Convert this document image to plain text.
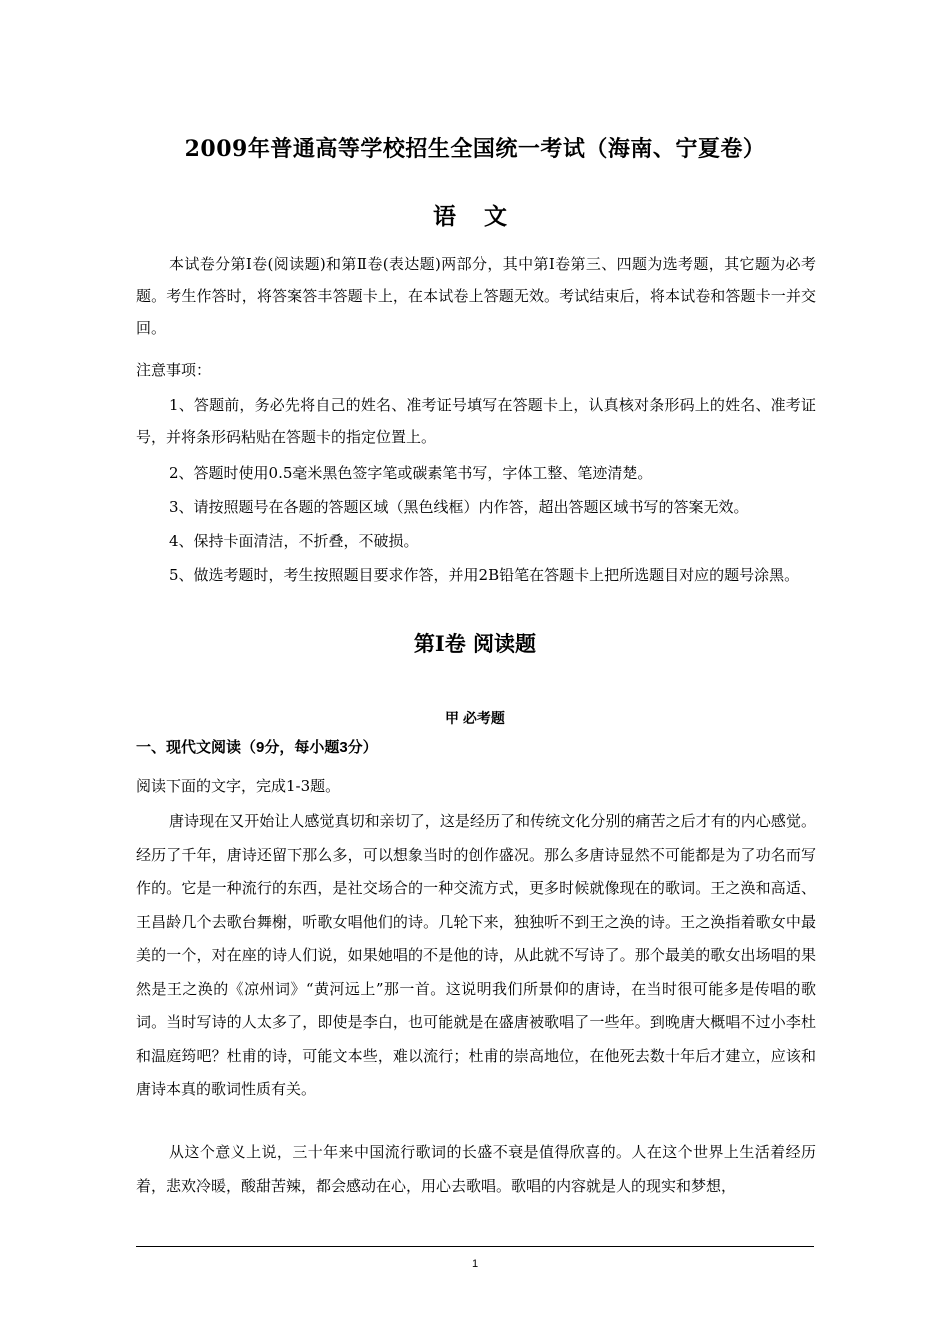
2009年普通高等学校招生全国统一考试（海南、宁夏卷）
语 文
本试卷分第Ⅰ卷(阅读题)和第Ⅱ卷(表达题)两部分，其中第Ⅰ卷第三、四题为选考题，其它题为必考题。考生作答时，将答案答丰答题卡上，在本试卷上答题无效。考试结束后，将本试卷和答题卡一并交回。
注意事项：
1、答题前，务必先将自己的姓名、准考证号填写在答题卡上，认真核对条形码上的姓名、准考证号，并将条形码粘贴在答题卡的指定位置上。
2、答题时使用0.5毫米黑色签字笔或碳素笔书写，字体工整、笔迹清楚。
3、请按照题号在各题的答题区域（黑色线框）内作答，超出答题区域书写的答案无效。
4、保持卡面清洁，不折叠，不破损。
5、做选考题时，考生按照题目要求作答，并用2B铅笔在答题卡上把所选题目对应的题号涂黑。
第Ⅰ卷 阅读题
甲 必考题
一、现代文阅读（9分，每小题3分）
阅读下面的文字，完成1-3题。
唐诗现在又开始让人感觉真切和亲切了，这是经历了和传统文化分别的痛苦之后才有的内心感觉。经历了千年，唐诗还留下那么多，可以想象当时的创作盛况。那么多唐诗显然不可能都是为了功名而写作的。它是一种流行的东西，是社交场合的一种交流方式，更多时候就像现在的歌词。王之涣和高适、王昌龄几个去歌台舞榭，听歌女唱他们的诗。几轮下来，独独听不到王之涣的诗。王之涣指着歌女中最美的一个，对在座的诗人们说，如果她唱的不是他的诗，从此就不写诗了。那个最美的歌女出场唱的果然是王之涣的《凉州词》“黄河远上”那一首。这说明我们所景仰的唐诗，在当时很可能多是传唱的歌词。当时写诗的人太多了，即使是李白，也可能就是在盛唐被歌唱了一些年。到晚唐大概唱不过小李杜和温庭筠吧？杜甫的诗，可能文本些，难以流行；杜甫的崇高地位，在他死去数十年后才建立，应该和唐诗本真的歌词性质有关。
从这个意义上说，三十年来中国流行歌词的长盛不衰是值得欣喜的。人在这个世界上生活着经历着，悲欢冷暖，酸甜苦辣，都会感动在心，用心去歌唱。歌唱的内容就是人的现实和梦想，
1
